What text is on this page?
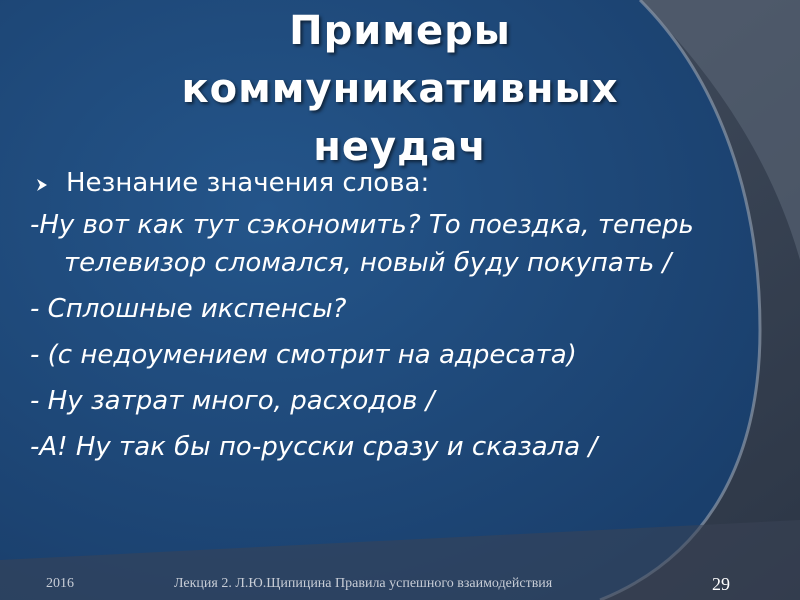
Примеры
коммуникативных
неудач
Незнание значения слова:
-Ну вот как тут сэкономить? То поездка, теперь телевизор сломался, новый буду покупать /
- Сплошные икспенсы?
- (с недоумением смотрит на адресата)
- Ну затрат много, расходов /
-А! Ну так бы по-русски сразу и сказала /
2016	Лекция 2. Л.Ю.Щипицина Правила успешного взаимодействия	29
